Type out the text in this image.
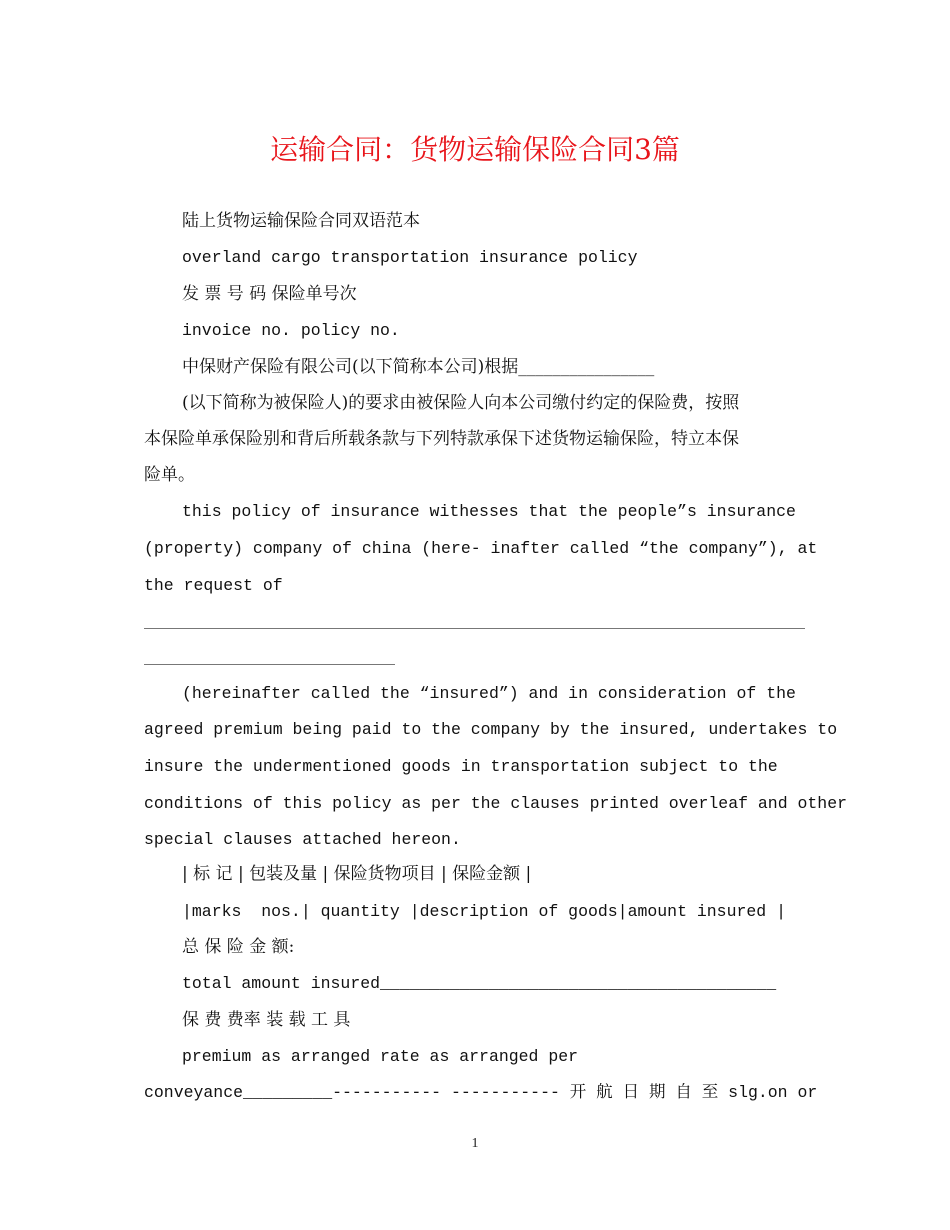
运输合同：货物运输保险合同3篇
陆上货物运输保险合同双语范本
overland cargo transportation insurance policy
发 票 号 码 保险单号次
invoice no. policy no.
中保财产保险有限公司(以下简称本公司)根据________________
(以下简称为被保险人)的要求由被保险人向本公司缴付约定的保险费，按照
本保险单承保险别和背后所载条款与下列特款承保下述货物运输保险，特立本保
险单。
this policy of insurance withesses that the people”s insurance
(property) company of china (here- inafter called “the company”), at
the request of
(hereinafter called the “insured”) and in consideration of the
agreed premium being paid to the company by the insured, undertakes to
insure the undermentioned goods in transportation subject to the
conditions of this policy as per the clauses printed overleaf and other
special clauses attached hereon.
| 标 记 | 包装及量 | 保险货物项目 | 保险金额 |
|marks  nos.| quantity |description of goods|amount insured |
总 保 险 金 额:
total amount insured________________________________________
保 费 费率 装 载 工 具
premium as arranged rate as arranged per
conveyance_________----------- ----------- 开 航 日 期 自 至 slg.on or
1
